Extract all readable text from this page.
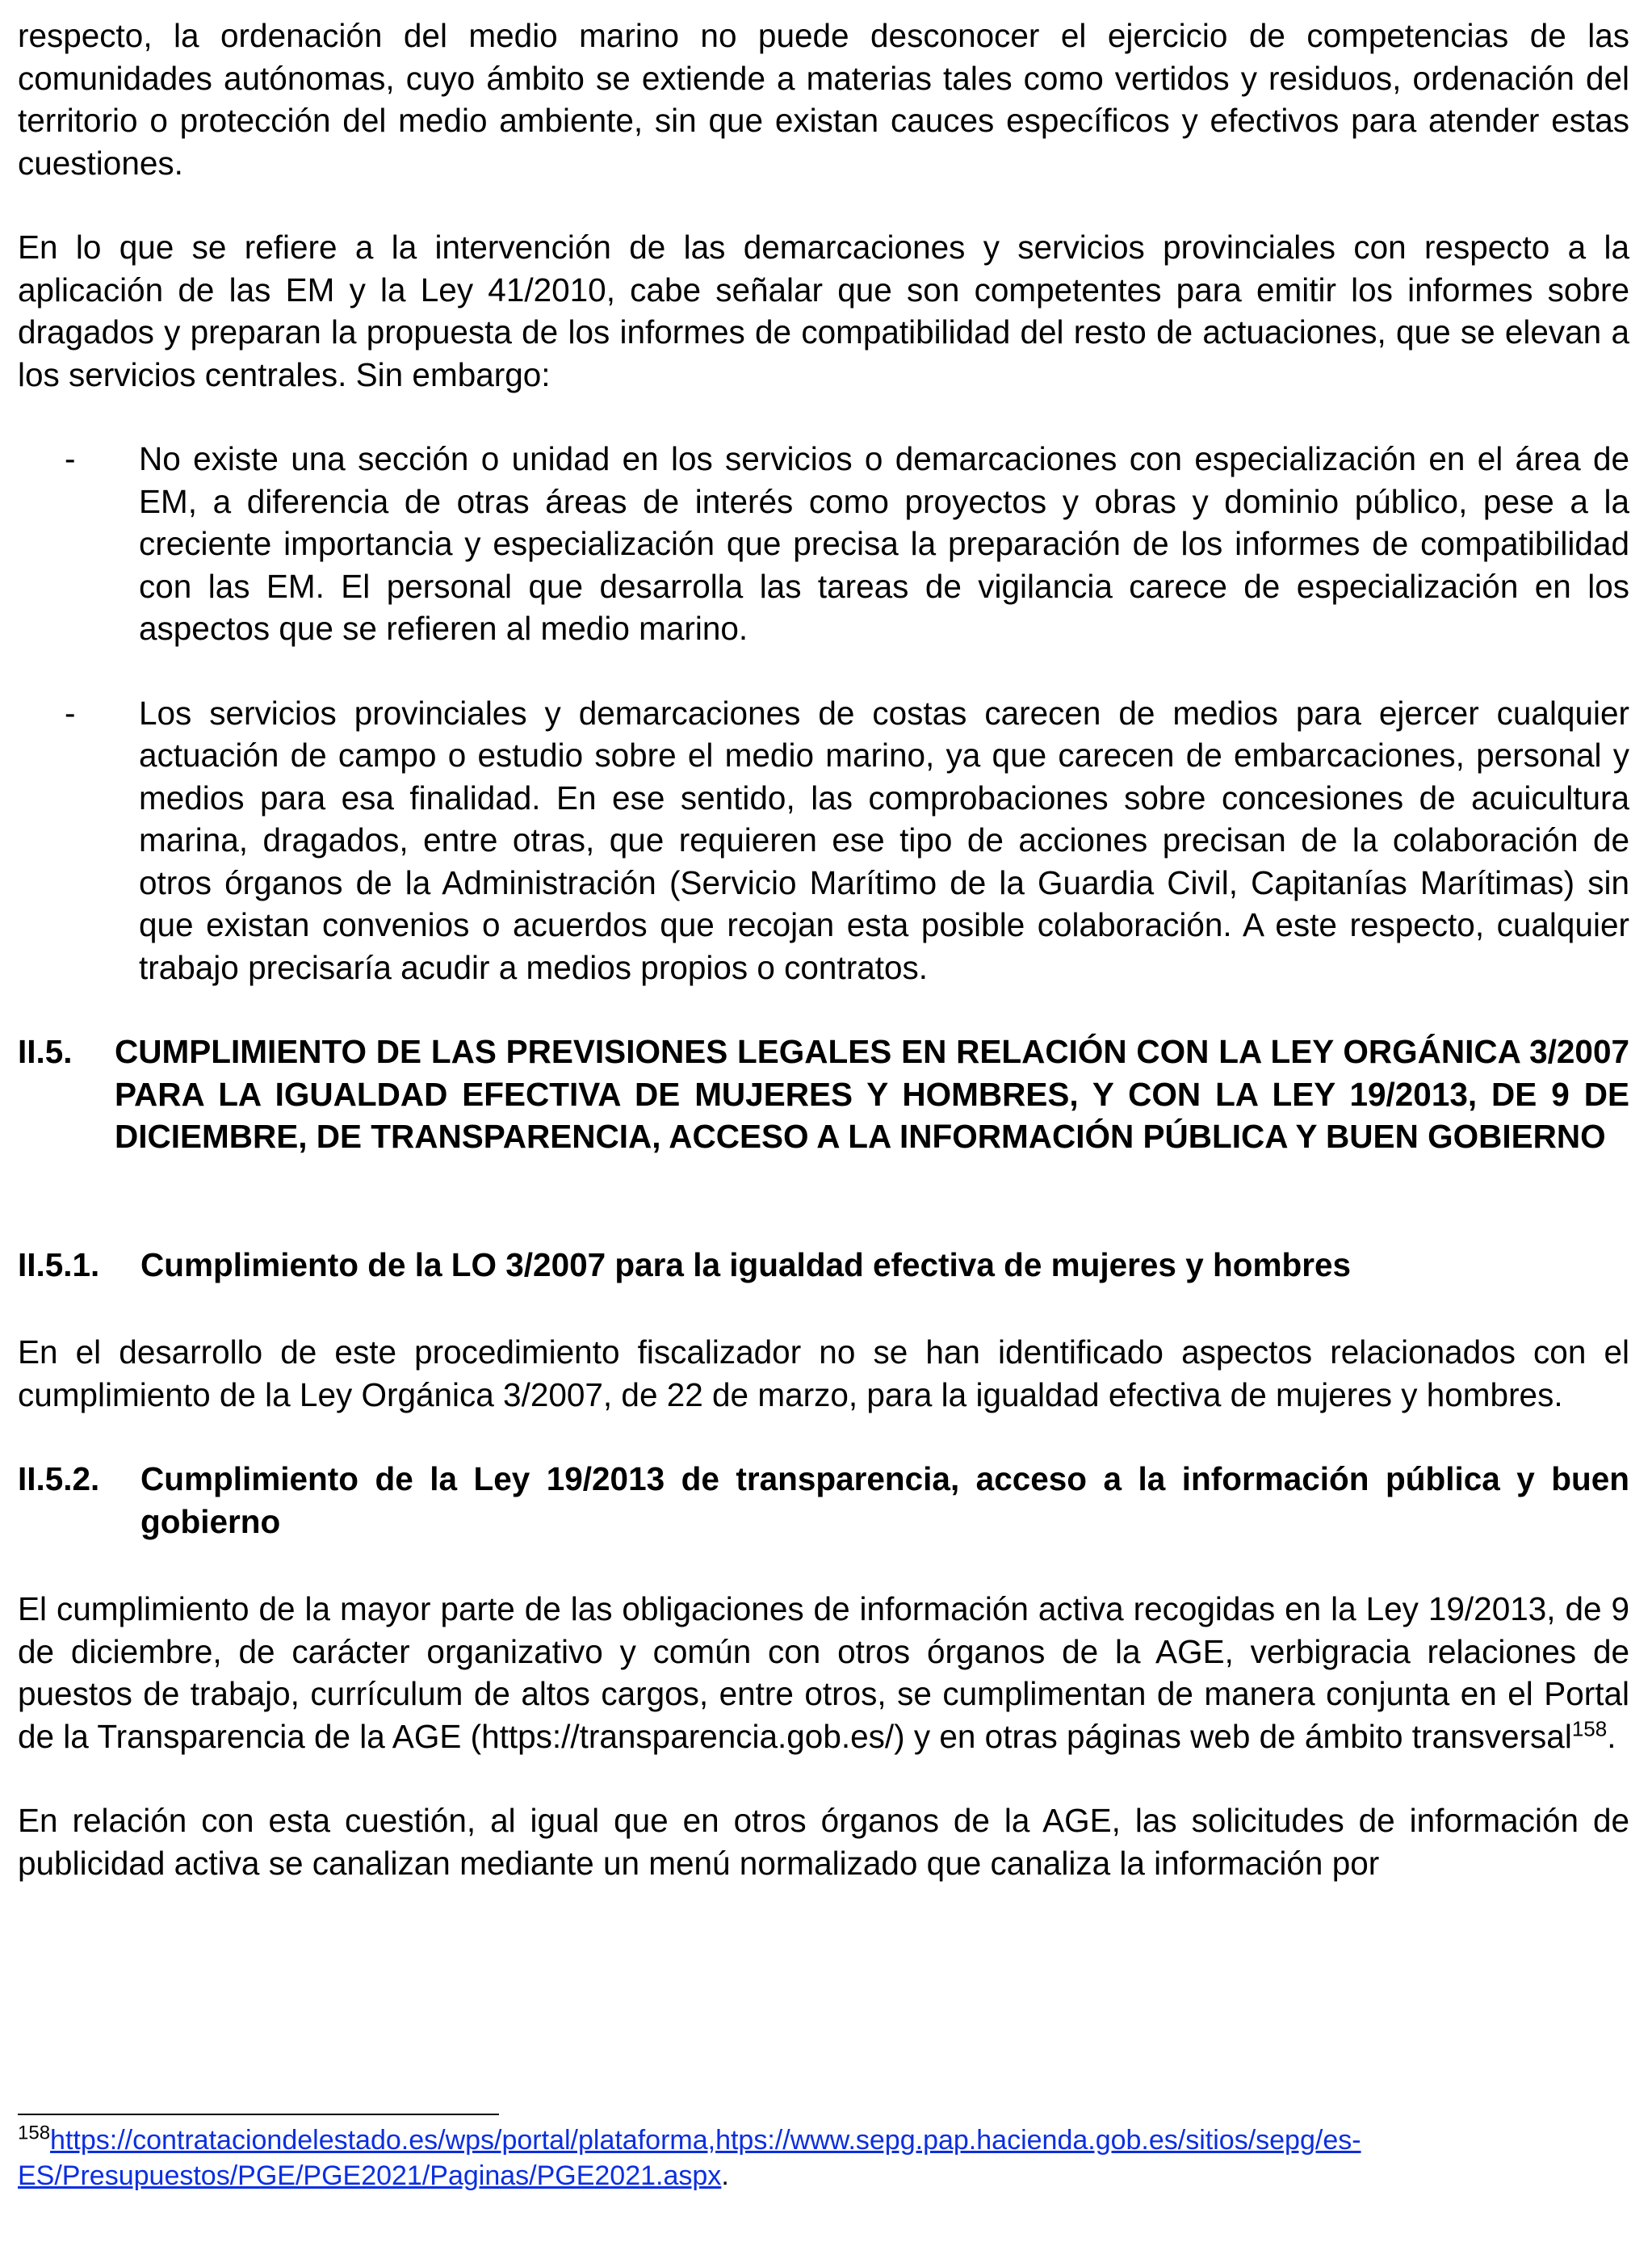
respecto, la ordenación del medio marino no puede desconocer el ejercicio de competencias de las comunidades autónomas, cuyo ámbito se extiende a materias tales como vertidos y residuos, ordenación del territorio o protección del medio ambiente, sin que existan cauces específicos y efectivos para atender estas cuestiones.

En lo que se refiere a la intervención de las demarcaciones y servicios provinciales con respecto a la aplicación de las EM y la Ley 41/2010, cabe señalar que son competentes para emitir los informes sobre dragados y preparan la propuesta de los informes de compatibilidad del resto de actuaciones, que se elevan a los servicios centrales. Sin embargo:

- No existe una sección o unidad en los servicios o demarcaciones con especialización en el área de EM, a diferencia de otras áreas de interés como proyectos y obras y dominio público, pese a la creciente importancia y especialización que precisa la preparación de los informes de compatibilidad con las EM. El personal que desarrolla las tareas de vigilancia carece de especialización en los aspectos que se refieren al medio marino.

- Los servicios provinciales y demarcaciones de costas carecen de medios para ejercer cualquier actuación de campo o estudio sobre el medio marino, ya que carecen de embarcaciones, personal y medios para esa finalidad. En ese sentido, las comprobaciones sobre concesiones de acuicultura marina, dragados, entre otras, que requieren ese tipo de acciones precisan de la colaboración de otros órganos de la Administración (Servicio Marítimo de la Guardia Civil, Capitanías Marítimas) sin que existan convenios o acuerdos que recojan esta posible colaboración. A este respecto, cualquier trabajo precisaría acudir a medios propios o contratos.

II.5. CUMPLIMIENTO DE LAS PREVISIONES LEGALES EN RELACIÓN CON LA LEY ORGÁNICA 3/2007 PARA LA IGUALDAD EFECTIVA DE MUJERES Y HOMBRES, Y CON LA LEY 19/2013, DE 9 DE DICIEMBRE, DE TRANSPARENCIA, ACCESO A LA INFORMACIÓN PÚBLICA Y BUEN GOBIERNO
II.5.1. Cumplimiento de la LO 3/2007 para la igualdad efectiva de mujeres y hombres

En el desarrollo de este procedimiento fiscalizador no se han identificado aspectos relacionados con el cumplimiento de la Ley Orgánica 3/2007, de 22 de marzo, para la igualdad efectiva de mujeres y hombres.

II.5.2. Cumplimiento de la Ley 19/2013 de transparencia, acceso a la información pública y buen gobierno

El cumplimiento de la mayor parte de las obligaciones de información activa recogidas en la Ley 19/2013, de 9 de diciembre, de carácter organizativo y común con otros órganos de la AGE, verbigracia relaciones de puestos de trabajo, currículum de altos cargos, entre otros, se cumplimentan de manera conjunta en el Portal de la Transparencia de la AGE (https://transparencia.gob.es/) y en otras páginas web de ámbito transversal$^{158}$.

En relación con esta cuestión, al igual que en otros órganos de la AGE, las solicitudes de información de publicidad activa se canalizan mediante un menú normalizado que canaliza la información por

$^{158}$https://contrataciondelestado.es/wps/portal/plataforma,htps://www.sepg.pap.hacienda.gob.es/sitios/sepg/es-ES/Presupuestos/PGE/PGE2021/Paginas/PGE2021.aspx.
